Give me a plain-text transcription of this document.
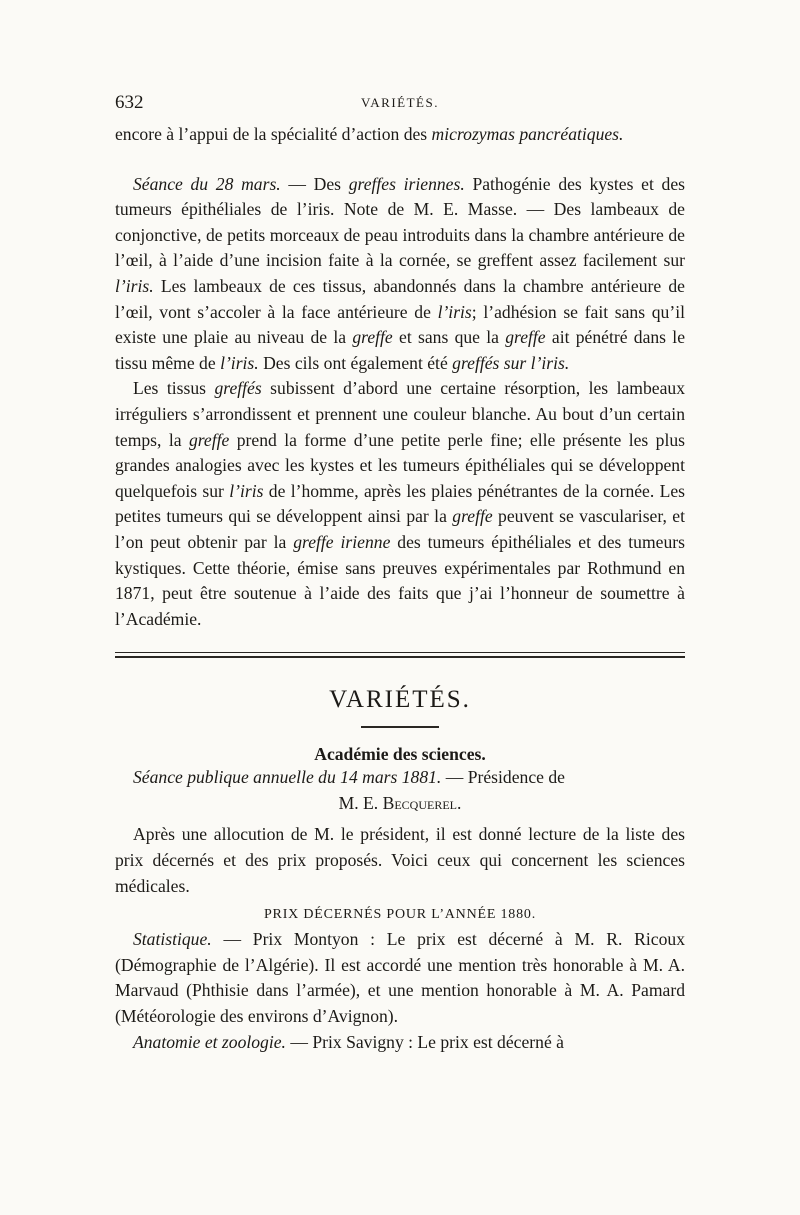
632	VARIÉTÉS.

encore à l’appui de la spécialité d’action des microzymas pancréatiques.

Séance du 28 mars. — Des greffes iriennes. Pathogénie des kystes et des tumeurs épithéliales de l’iris. Note de M. E. Masse. — Des lambeaux de conjonctive, de petits morceaux de peau introduits dans la chambre antérieure de l’œil, à l’aide d’une incision faite à la cornée, se greffent assez facilement sur l’iris. Les lambeaux de ces tissus, abandonnés dans la chambre antérieure de l’œil, vont s’accoler à la face antérieure de l’iris; l’adhésion se fait sans qu’il existe une plaie au niveau de la greffe et sans que la greffe ait pénétré dans le tissu même de l’iris. Des cils ont également été greffés sur l’iris.

Les tissus greffés subissent d’abord une certaine résorption, les lambeaux irréguliers s’arrondissent et prennent une couleur blanche. Au bout d’un certain temps, la greffe prend la forme d’une petite perle fine; elle présente les plus grandes analogies avec les kystes et les tumeurs épithéliales qui se développent quelquefois sur l’iris de l’homme, après les plaies pénétrantes de la cornée. Les petites tumeurs qui se développent ainsi par la greffe peuvent se vasculariser, et l’on peut obtenir par la greffe irienne des tumeurs épithéliales et des tumeurs kystiques. Cette théorie, émise sans preuves expérimentales par Rothmund en 1871, peut être soutenue à l’aide des faits que j’ai l’honneur de soumettre à l’Académie.

VARIÉTÉS.
Académie des sciences.

Séance publique annuelle du 14 mars 1881. — Présidence de

M. E. Becquerel.

Après une allocution de M. le président, il est donné lecture de la liste des prix décernés et des prix proposés. Voici ceux qui concernent les sciences médicales.

PRIX DÉCERNÉS POUR L’ANNÉE 1880.

Statistique. — Prix Montyon : Le prix est décerné à M. R. Ricoux (Démographie de l’Algérie). Il est accordé une mention très honorable à M. A. Marvaud (Phthisie dans l’armée), et une mention honorable à M. A. Pamard (Météorologie des environs d’Avignon).

Anatomie et zoologie. — Prix Savigny : Le prix est décerné à
